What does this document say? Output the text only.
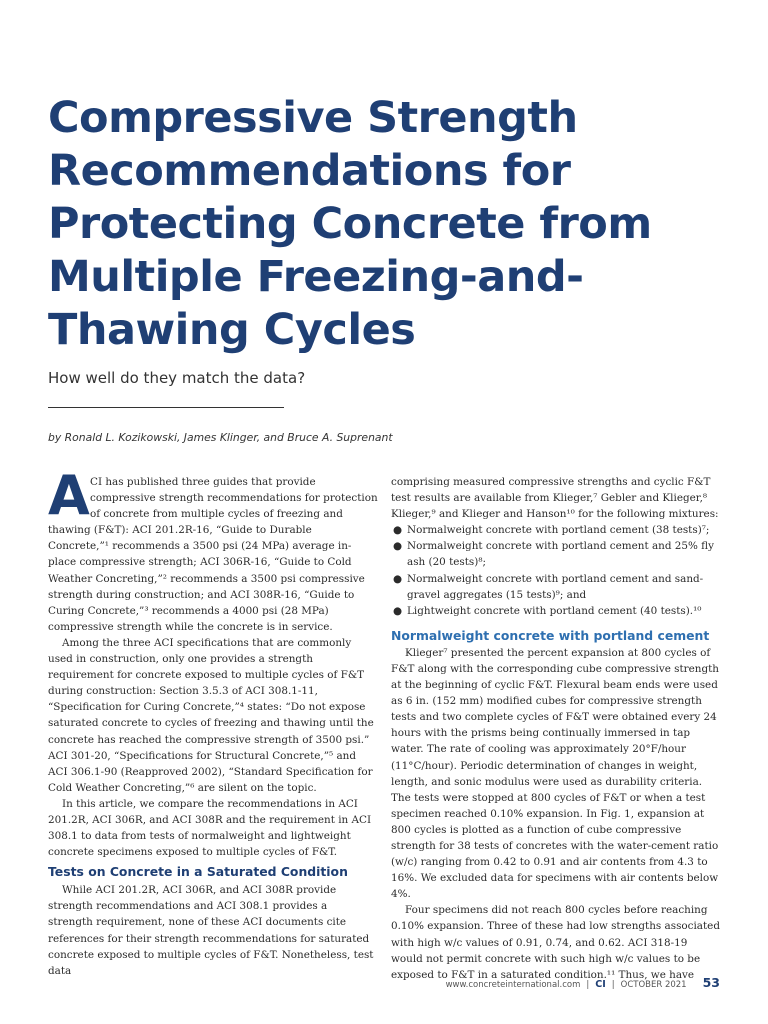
Compressive Strength
Recommendations for
Protecting Concrete from
Multiple Freezing-and-
Thawing Cycles

How well do they match the data?

by Ronald L. Kozikowski, James Klinger, and Bruce A. Suprenant

A CI has published three guides that provide
compressive strength recommendations for protection
of concrete from multiple cycles of freezing and

thawing (F&T): ACI 201.2R-16, “Guide to Durable Concrete,”¹ recommends a 3500 psi (24 MPa) average in-place compressive strength; ACI 306R-16, “Guide to Cold Weather Concreting,”² recommends a 3500 psi compressive strength during construction; and ACI 308R-16, “Guide to Curing Concrete,”³ recommends a 4000 psi (28 MPa) compressive strength while the concrete is in service.

Among the three ACI specifications that are commonly used in construction, only one provides a strength requirement for concrete exposed to multiple cycles of F&T during construction: Section 3.5.3 of ACI 308.1-11, “Specification for Curing Concrete,”⁴ states: “Do not expose saturated concrete to cycles of freezing and thawing until the concrete has reached the compressive strength of 3500 psi.” ACI 301-20, “Specifications for Structural Concrete,”⁵ and ACI 306.1-90 (Reapproved 2002), “Standard Specification for Cold Weather Concreting,”⁶ are silent on the topic.

In this article, we compare the recommendations in ACI 201.2R, ACI 306R, and ACI 308R and the requirement in ACI 308.1 to data from tests of normalweight and lightweight concrete specimens exposed to multiple cycles of F&T.

Tests on Concrete in a Saturated Condition

While ACI 201.2R, ACI 306R, and ACI 308R provide strength recommendations and ACI 308.1 provides a strength requirement, none of these ACI documents cite references for their strength recommendations for saturated concrete exposed to multiple cycles of F&T. Nonetheless, test data

comprising measured compressive strengths and cyclic F&T test results are available from Klieger,⁷ Gebler and Klieger,⁸ Klieger,⁹ and Klieger and Hanson¹⁰ for the following mixtures:

● Normalweight concrete with portland cement (38 tests)⁷;
● Normalweight concrete with portland cement and 25% fly ash (20 tests)⁸;
● Normalweight concrete with portland cement and sand-gravel aggregates (15 tests)⁹; and
● Lightweight concrete with portland cement (40 tests).¹⁰
Normalweight concrete with portland cement

Klieger⁷ presented the percent expansion at 800 cycles of F&T along with the corresponding cube compressive strength at the beginning of cyclic F&T. Flexural beam ends were used as 6 in. (152 mm) modified cubes for compressive strength tests and two complete cycles of F&T were obtained every 24 hours with the prisms being continually immersed in tap water. The rate of cooling was approximately 20°F/hour (11°C/hour). Periodic determination of changes in weight, length, and sonic modulus were used as durability criteria. The tests were stopped at 800 cycles of F&T or when a test specimen reached 0.10% expansion. In Fig. 1, expansion at 800 cycles is plotted as a function of cube compressive strength for 38 tests of concretes with the water-cement ratio (w/c) ranging from 0.42 to 0.91 and air contents from 4.3 to 16%. We excluded data for specimens with air contents below 4%.

Four specimens did not reach 800 cycles before reaching 0.10% expansion. Three of these had low strengths associated with high w/c values of 0.91, 0.74, and 0.62. ACI 318-19 would not permit concrete with such high w/c values to be exposed to F&T in a saturated condition.¹¹ Thus, we have

www.concreteinternational.com | CI | OCTOBER 2021 53
